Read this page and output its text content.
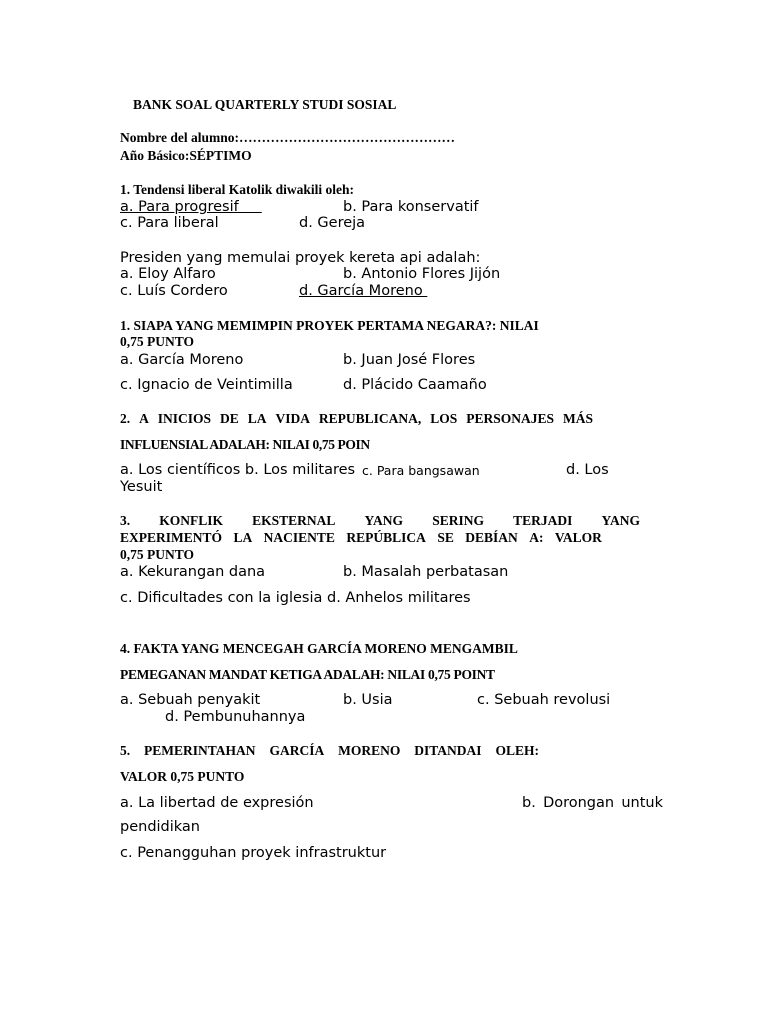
BANK SOAL QUARTERLY STUDI SOSIAL
Nombre del alumno:…………………………………………
Año Básico:SÉPTIMO
1. Tendensi liberal Katolik diwakili oleh:
a. Para progresif	b. Para konservatif
c. Para liberal	d. Gereja
Presiden yang memulai proyek kereta api adalah:
a. Eloy Alfaro	b. Antonio Flores Jijón
c. Luís Cordero	d. García Moreno
1. SIAPA YANG MEMIMPIN PROYEK PERTAMA NEGARA?: NILAI
0,75 PUNTO
a. García Moreno	b. Juan José Flores
c. Ignacio de Veintimilla	d. Plácido Caamaño
2. A INICIOS DE LA VIDA REPUBLICANA, LOS PERSONAJES MÁS
INFLUENSIAL ADALAH: NILAI 0,75 POIN
a. Los científicos b. Los militares c. Para bangsawan	d. Los
Yesuit
3. KONFLIK EKSTERNAL YANG SERING TERJADI YANG
EXPERIMENTÓ LA NACIENTE REPÚBLICA SE DEBÍAN A: VALOR
0,75 PUNTO
a. Kekurangan dana	b. Masalah perbatasan
c. Dificultades con la iglesia d. Anhelos militares
4. FAKTA YANG MENCEGAH GARCÍA MORENO MENGAMBIL
PEMEGANAN MANDAT KETIGA ADALAH: NILAI 0,75 POINT
a. Sebuah penyakit	b. Usia	c. Sebuah revolusi
d. Pembunuhannya
5. PEMERINTAHAN GARCÍA MORENO DITANDAI OLEH:
VALOR 0,75 PUNTO
a. La libertad de expresión	b. Dorongan untuk
pendidikan
c. Penangguhan proyek infrastruktur
